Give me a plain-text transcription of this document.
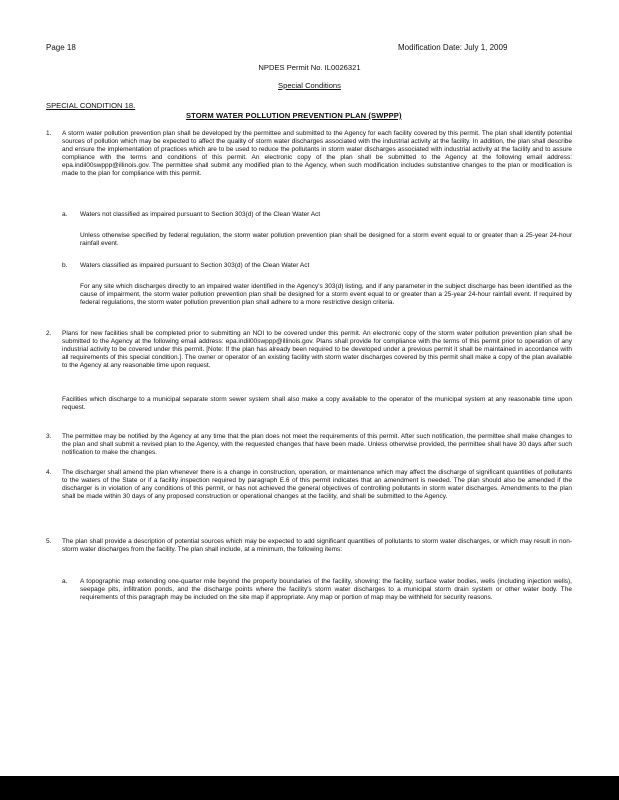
Page 18	Modification Date: July 1, 2009
NPDES Permit No. IL0026321
Special Conditions
SPECIAL CONDITION 18.
STORM WATER POLLUTION PREVENTION PLAN (SWPPP)
1. A storm water pollution prevention plan shall be developed by the permittee and submitted to the Agency for each facility covered by this permit. The plan shall identify potential sources of pollution which may be expected to affect the quality of storm water discharges associated with the industrial activity at the facility. In addition, the plan shall describe and ensure the implementation of practices which are to be used to reduce the pollutants in storm water discharges associated with industrial activity at the facility and to assure compliance with the terms and conditions of this permit. An electronic copy of the plan shall be submitted to the Agency at the following email address: epa.indil00swppp@illinois.gov. The permittee shall submit any modified plan to the Agency, when such modification includes substantive changes to the plan or modification is made to the plan for compliance with this permit.
a. Waters not classified as impaired pursuant to Section 303(d) of the Clean Water Act
Unless otherwise specified by federal regulation, the storm water pollution prevention plan shall be designed for a storm event equal to or greater than a 25-year 24-hour rainfall event.
b. Waters classified as impaired pursuant to Section 303(d) of the Clean Water Act
For any site which discharges directly to an impaired water identified in the Agency's 303(d) listing, and if any parameter in the subject discharge has been identified as the cause of impairment, the storm water pollution prevention plan shall be designed for a storm event equal to or greater than a 25-year 24-hour rainfall event. If required by federal regulations, the storm water pollution prevention plan shall adhere to a more restrictive design criteria.
2. Plans for new facilities shall be completed prior to submitting an NOI to be covered under this permit. An electronic copy of the storm water pollution prevention plan shall be submitted to the Agency at the following email address: epa.indil00swppp@illinois.gov. Plans shall provide for compliance with the terms of this permit prior to operation of any industrial activity to be covered under this permit. [Note: If the plan has already been required to be developed under a previous permit it shall be maintained in accordance with all requirements of this special condition.]. The owner or operator of an existing facility with storm water discharges covered by this permit shall make a copy of the plan available to the Agency at any reasonable time upon request.
Facilities which discharge to a municipal separate storm sewer system shall also make a copy available to the operator of the municipal system at any reasonable time upon request.
3. The permittee may be notified by the Agency at any time that the plan does not meet the requirements of this permit. After such notification, the permittee shall make changes to the plan and shall submit a revised plan to the Agency, with the requested changes that have been made. Unless otherwise provided, the permittee shall have 30 days after such notification to make the changes.
4. The discharger shall amend the plan whenever there is a change in construction, operation, or maintenance which may affect the discharge of significant quantities of pollutants to the waters of the State or if a facility inspection required by paragraph E.6 of this permit indicates that an amendment is needed. The plan should also be amended if the discharger is in violation of any conditions of this permit, or has not achieved the general objectives of controlling pollutants in storm water discharges. Amendments to the plan shall be made within 30 days of any proposed construction or operational changes at the facility, and shall be submitted to the Agency.
5. The plan shall provide a description of potential sources which may be expected to add significant quantities of pollutants to storm water discharges, or which may result in non-storm water discharges from the facility. The plan shall include, at a minimum, the following items:
a. A topographic map extending one-quarter mile beyond the property boundaries of the facility, showing: the facility, surface water bodies, wells (including injection wells), seepage pits, infiltration ponds, and the discharge points where the facility's storm water discharges to a municipal storm drain system or other water body. The requirements of this paragraph may be included on the site map if appropriate. Any map or portion of map may be withheld for security reasons.
